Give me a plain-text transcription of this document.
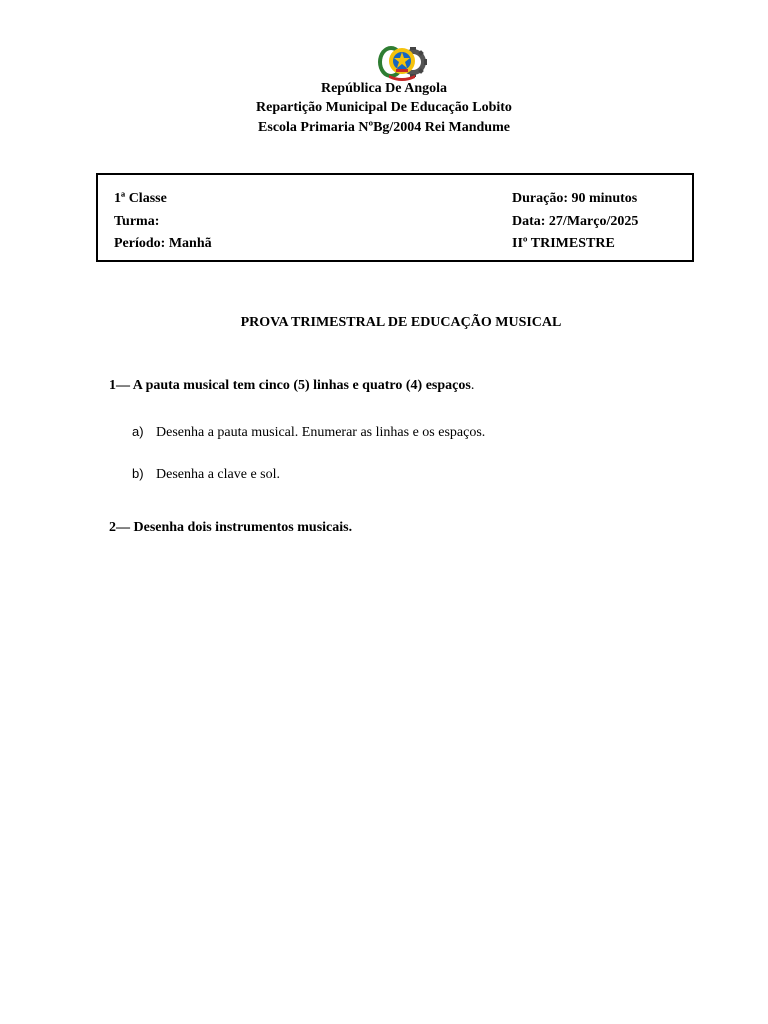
República De Angola
Repartição Municipal De Educação Lobito
Escola Primaria NºBg/2004 Rei Mandume
1ª Classe
Turma:
Período: Manhã
Duração: 90 minutos
Data: 27/Março/2025
IIº TRIMESTRE
PROVA TRIMESTRAL DE EDUCAÇÃO MUSICAL
1— A pauta musical tem cinco (5) linhas e quatro (4) espaços.
a) Desenha a pauta musical. Enumerar as linhas e os espaços.
b) Desenha a clave e sol.
2— Desenha dois instrumentos musicais.
